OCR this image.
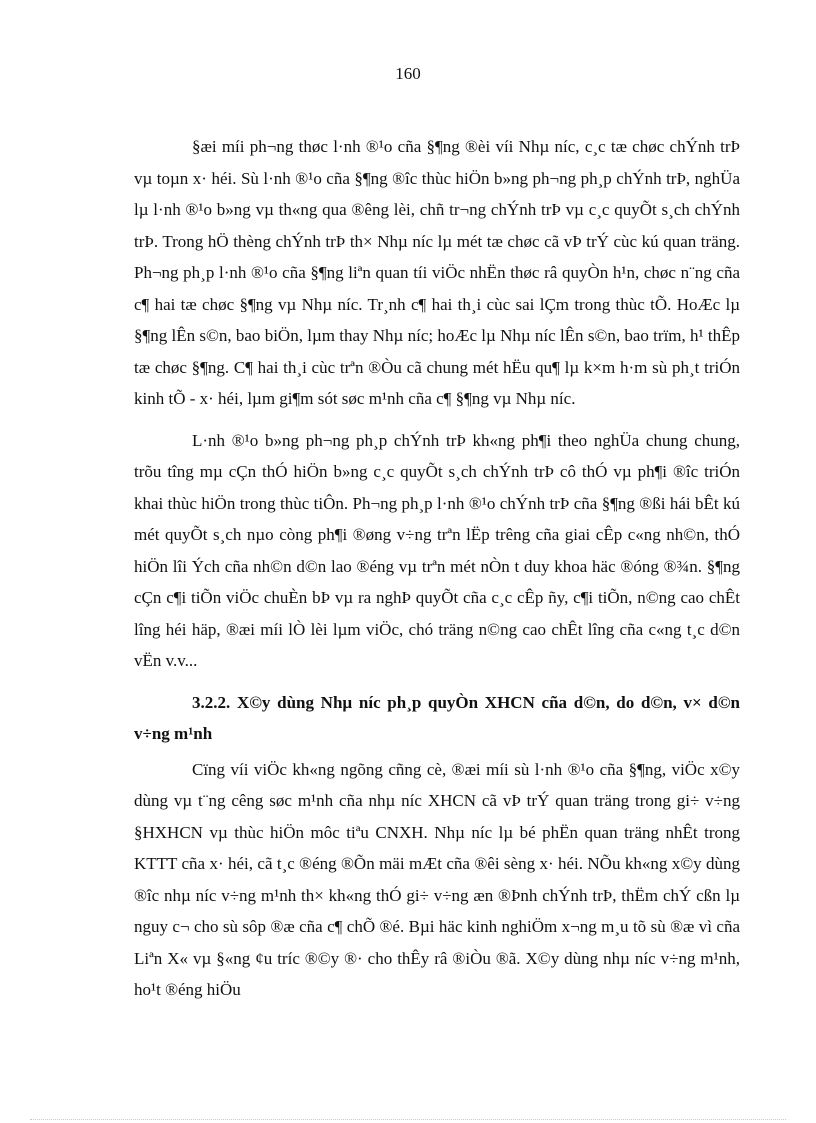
160

§æi míi ph¬ng thøc l·nh ®¹o cña §¶ng ®èi víi Nhµ níc, c¸c tæ chøc chÝnh trÞ vµ toµn x· héi. Sù l·nh ®¹o cña §¶ng ®îc thùc hiÖn b»ng ph¬ng ph¸p chÝnh trÞ, nghÜa lµ l·nh ®¹o b»ng vµ th«ng qua ®êng lèi, chñ tr¬ng chÝnh trÞ vµ c¸c quyÕt s¸ch chÝnh trÞ. Trong hÖ thèng chÝnh trÞ th× Nhµ níc lµ mét tæ chøc cã vÞ trÝ cùc kú quan träng. Ph¬ng ph¸p l·nh ®¹o cña §¶ng liªn quan tíi viÖc nhËn thøc râ quyÒn h¹n, chøc n¨ng cña c¶ hai tæ chøc §¶ng vµ Nhµ níc. Tr¸nh c¶ hai th¸i cùc sai lÇm trong thùc tÕ. HoÆc lµ §¶ng lÊn s©n, bao biÖn, lµm thay Nhµ níc; hoÆc lµ Nhµ níc lÊn s©n, bao trïm, h¹ thÊp tæ chøc §¶ng. C¶ hai th¸i cùc trªn ®Òu cã chung mét hËu qu¶ lµ k×m h·m sù ph¸t triÓn kinh tÕ - x· héi, lµm gi¶m sót søc m¹nh cña c¶ §¶ng vµ Nhµ níc.

L·nh ®¹o b»ng ph¬ng ph¸p chÝnh trÞ kh«ng ph¶i theo nghÜa chung chung, trõu tîng mµ cÇn thÓ hiÖn b»ng c¸c quyÕt s¸ch chÝnh trÞ cô thÓ vµ ph¶i ®îc triÓn khai thùc hiÖn trong thùc tiÔn. Ph¬ng ph¸p l·nh ®¹o chÝnh trÞ cña §¶ng ®ßi hái bÊt kú mét quyÕt s¸ch nµo còng ph¶i ®øng v÷ng trªn lËp trêng cña giai cÊp c«ng nh©n, thÓ hiÖn lîi Ých cña nh©n d©n lao ®éng vµ trªn mét nÒn t duy khoa häc ®óng ®¾n. §¶ng cÇn c¶i tiÕn viÖc chuÈn bÞ vµ ra nghÞ quyÕt cña c¸c cÊp ñy, c¶i tiÕn, n©ng cao chÊt lîng héi häp, ®æi míi lÒ lèi lµm viÖc, chó träng n©ng cao chÊt lîng cña c«ng t¸c d©n vËn v.v...

3.2.2. X©y dùng Nhµ níc ph¸p quyÒn XHCN cña d©n, do d©n, v× d©n v÷ng m¹nh

Cïng víi viÖc kh«ng ngõng cñng cè, ®æi míi sù l·nh ®¹o cña §¶ng, viÖc x©y dùng vµ t¨ng cêng søc m¹nh cña nhµ níc XHCN cã vÞ trÝ quan träng trong gi÷ v÷ng §HXHCN vµ thùc hiÖn môc tiªu CNXH. Nhµ níc lµ bé phËn quan träng nhÊt trong KTTT cña x· héi, cã t¸c ®éng ®Õn mäi mÆt cña ®êi sèng x· héi. NÕu kh«ng x©y dùng ®îc nhµ níc v÷ng m¹nh th× kh«ng thÓ gi÷ v÷ng æn ®Þnh chÝnh trÞ, thËm chÝ cßn lµ nguy c¬ cho sù sôp ®æ cña c¶ chÕ ®é. Bµi häc kinh nghiÖm x¬ng m¸u tõ sù ®æ vì cña Liªn X« vµ §«ng ¢u tríc ®©y ®· cho thÊy râ ®iÒu ®ã. X©y dùng nhµ níc v÷ng m¹nh, ho¹t ®éng hiÖu
